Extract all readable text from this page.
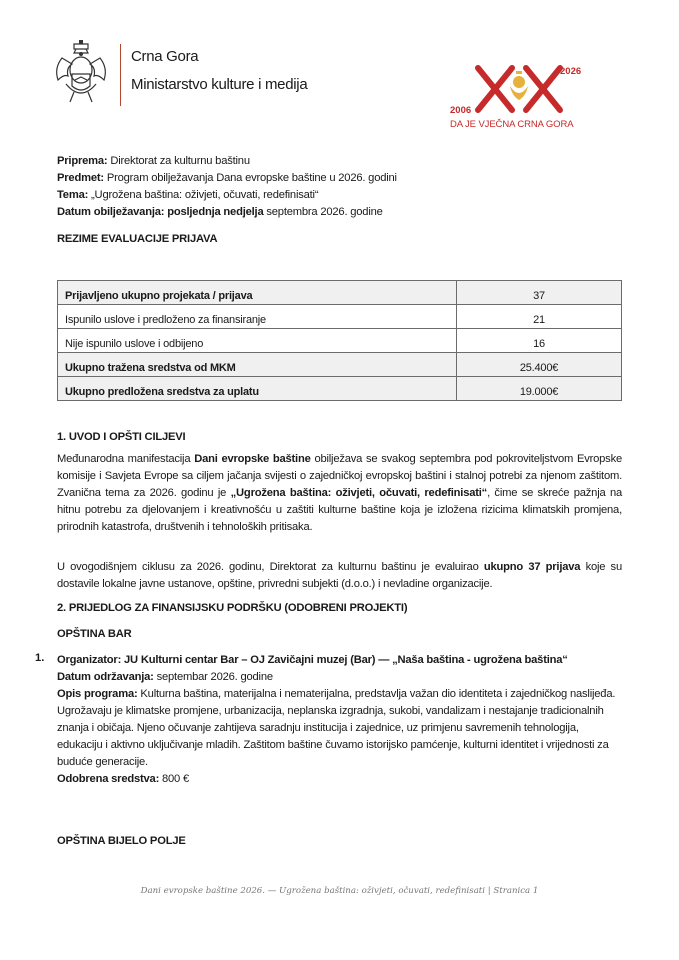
Crna Gora
Ministarstvo kulture i medija
2026
2006
DA JE VJEČNA CRNA GORA
Priprema: Direktorat za kulturnu baštinu
Predmet: Program obilježavanja Dana evropske baštine u 2026. godini
Tema: „Ugrožena baština: oživjeti, očuvati, redefinisati“
Datum obilježavanja: posljednja nedjelja septembra 2026. godine
REZIME EVALUACIJE PRIJAVA
Prijavljeno ukupno projekata / prijava	37
Ispunilo uslove i predloženo za finansiranje	21
Nije ispunilo uslove i odbijeno	16
Ukupno tražena sredstva od MKM	25.400€
Ukupno predložena sredstva za uplatu	19.000€
1. UVOD I OPŠTI CILJEVI
Međunarodna manifestacija Dani evropske baštine obilježava se svakog septembra pod pokroviteljstvom Evropske komisije i Savjeta Evrope sa ciljem jačanja svijesti o zajedničkoj evropskoj baštini i stalnoj potrebi za njenom zaštitom. Zvanična tema za 2026. godinu je „Ugrožena baština: oživjeti, očuvati, redefinisati“, čime se skreće pažnja na hitnu potrebu za djelovanjem i kreativnošću u zaštiti kulturne baštine koja je izložena rizicima klimatskih promjena, prirodnih katastrofa, društvenih i tehnoloških pritisaka.
U ovogodišnjem ciklusu za 2026. godinu, Direktorat za kulturnu baštinu je evaluirao ukupno 37 prijava koje su dostavile lokalne javne ustanove, opštine, privredni subjekti (d.o.o.) i nevladine organizacije.
2. PRIJEDLOG ZA FINANSIJSKU PODRŠKU (ODOBRENI PROJEKTI)
OPŠTINA BAR
1. Organizator: JU Kulturni centar Bar – OJ Zavičajni muzej (Bar) — „Naša baština - ugrožena baština“
Datum održavanja: septembar 2026. godine
Opis programa: Kulturna baština, materijalna i nematerijalna, predstavlja važan dio identiteta i zajedničkog naslijeđa. Ugrožavaju je klimatske promjene, urbanizacija, neplanska izgradnja, sukobi, vandalizam i nestajanje tradicionalnih znanja i običaja. Njeno očuvanje zahtijeva saradnju institucija i zajednice, uz primjenu savremenih tehnologija, edukaciju i aktivno uključivanje mladih. Zaštitom baštine čuvamo istorijsko pamćenje, kulturni identitet i vrijednosti za buduće generacije.
Odobrena sredstva: 800 €
OPŠTINA BIJELO POLJE
Dani evropske baštine 2026. — Ugrožena baština: oživjeti, očuvati, redefinisati | Stranica 1
